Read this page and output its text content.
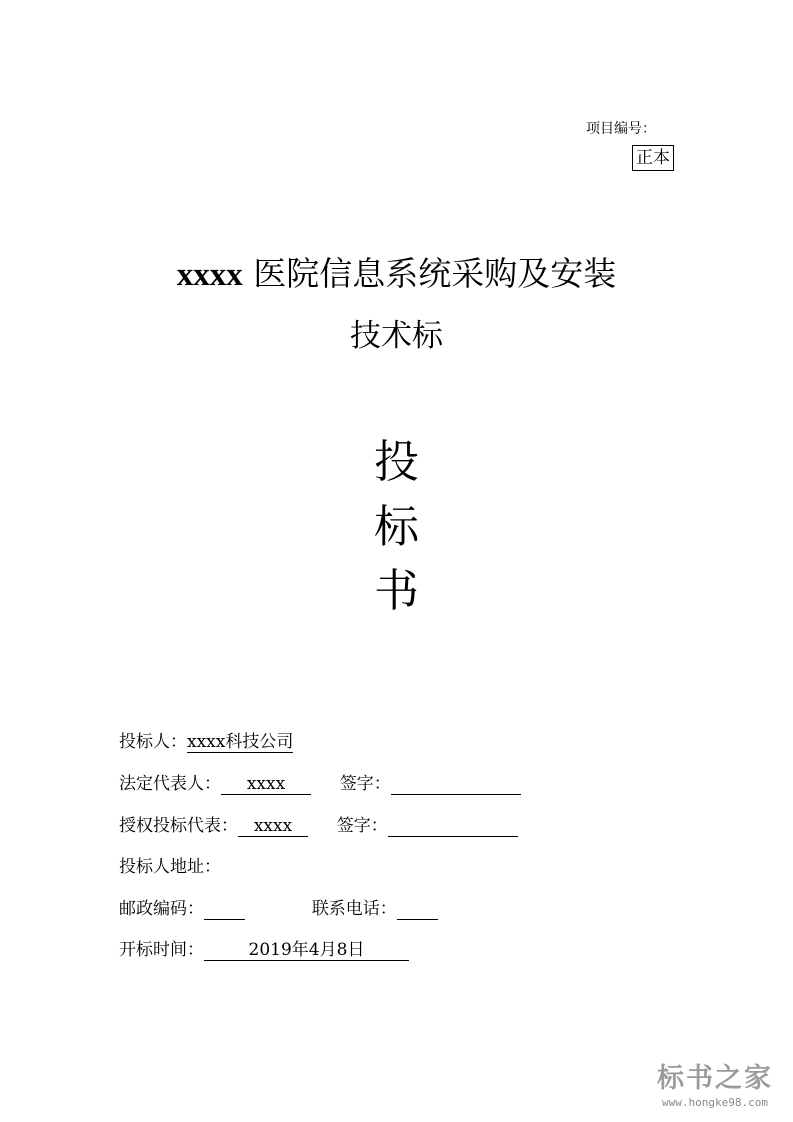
项目编号：
正本
xxxx 医院信息系统采购及安装
技术标
投
标
书
投标人：xxxx科技公司
法定代表人： xxxx	签字：
授权投标代表： xxxx	签字：
投标人地址：
邮政编码：	联系电话：
开标时间：	2019年4月8日
标书之家
www.hongke98.com
